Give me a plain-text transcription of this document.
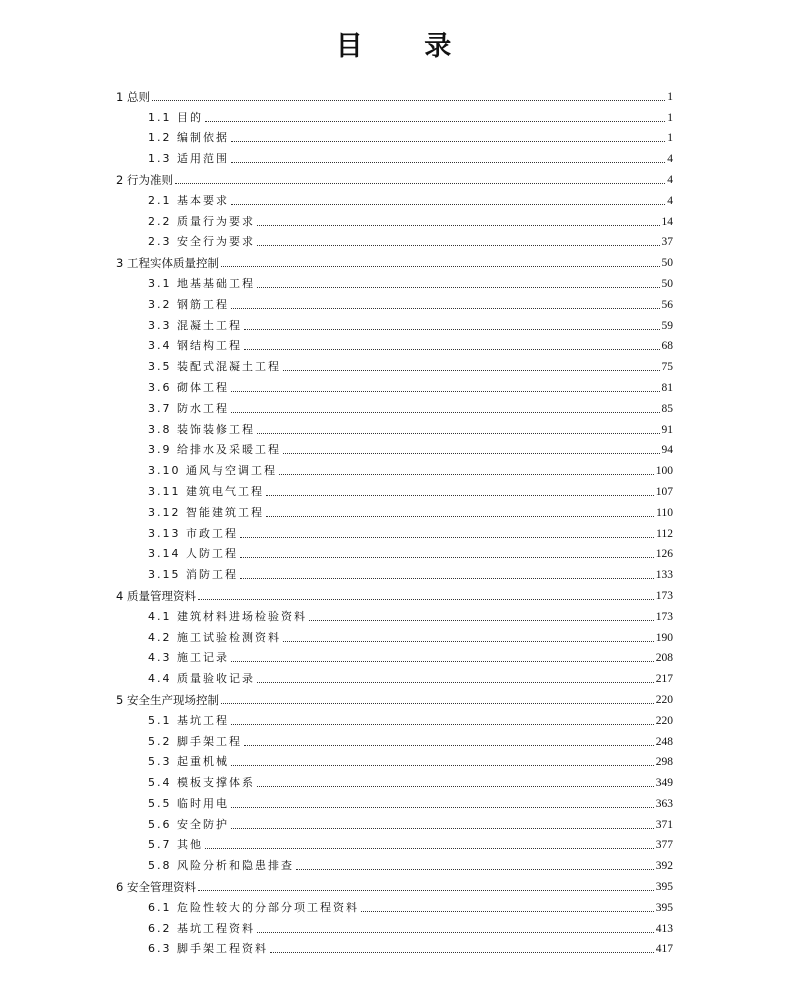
目 录
1 总则	1
1.1 目的	1
1.2 编制依据	1
1.3 适用范围	4
2 行为准则	4
2.1 基本要求	4
2.2 质量行为要求	14
2.3 安全行为要求	37
3 工程实体质量控制	50
3.1 地基基础工程	50
3.2 钢筋工程	56
3.3 混凝土工程	59
3.4 钢结构工程	68
3.5 装配式混凝土工程	75
3.6 砌体工程	81
3.7 防水工程	85
3.8 装饰装修工程	91
3.9 给排水及采暖工程	94
3.10 通风与空调工程	100
3.11 建筑电气工程	107
3.12 智能建筑工程	110
3.13 市政工程	112
3.14 人防工程	126
3.15 消防工程	133
4 质量管理资料	173
4.1 建筑材料进场检验资料	173
4.2 施工试验检测资料	190
4.3 施工记录	208
4.4 质量验收记录	217
5 安全生产现场控制	220
5.1 基坑工程	220
5.2 脚手架工程	248
5.3 起重机械	298
5.4 模板支撑体系	349
5.5 临时用电	363
5.6 安全防护	371
5.7 其他	377
5.8 风险分析和隐患排查	392
6 安全管理资料	395
6.1 危险性较大的分部分项工程资料	395
6.2 基坑工程资料	413
6.3 脚手架工程资料	417
